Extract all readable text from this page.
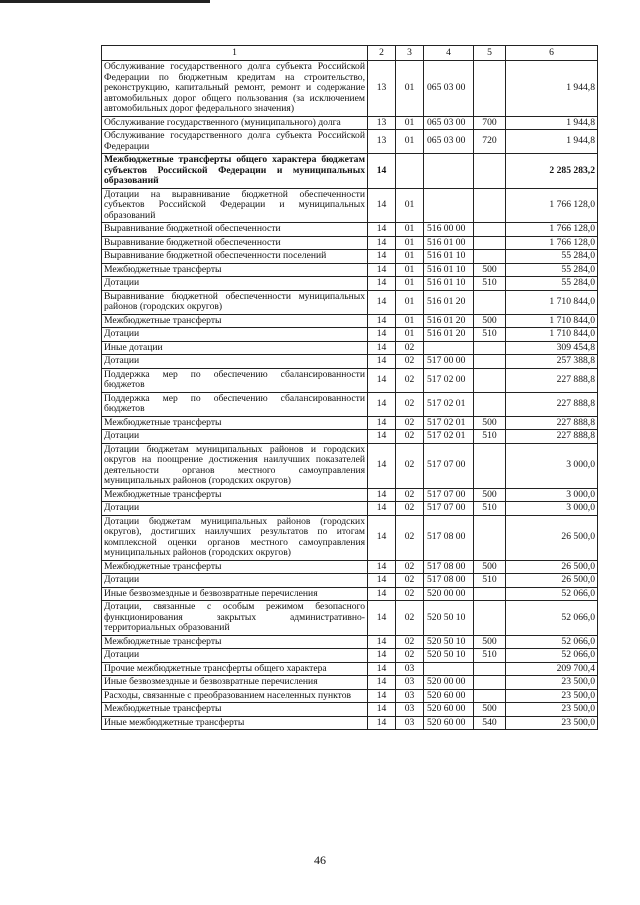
1	2	3	4	5	6
Обслуживание государственного долга субъекта Российской Федерации по бюджетным кредитам на строительство, реконструкцию, капитальный ремонт, ремонт и содержание автомобильных дорог общего пользования (за исключением автомобильных дорог федерального значения)	13	01	065 03 00		1 944,8
Обслуживание государственного (муниципального) долга	13	01	065 03 00	700	1 944,8
Обслуживание государственного долга субъекта Российской Федерации	13	01	065 03 00	720	1 944,8
Межбюджетные трансферты общего характера бюджетам субъектов Российской Федерации и муниципальных образований	14				2 285 283,2
Дотации на выравнивание бюджетной обеспеченности субъектов Российской Федерации и муниципальных образований	14	01			1 766 128,0
Выравнивание бюджетной обеспеченности	14	01	516 00 00		1 766 128,0
Выравнивание бюджетной обеспеченности	14	01	516 01 00		1 766 128,0
Выравнивание бюджетной обеспеченности поселений	14	01	516 01 10		55 284,0
Межбюджетные трансферты	14	01	516 01 10	500	55 284,0
Дотации	14	01	516 01 10	510	55 284,0
Выравнивание бюджетной обеспеченности муниципальных районов (городских округов)	14	01	516 01 20		1 710 844,0
Межбюджетные трансферты	14	01	516 01 20	500	1 710 844,0
Дотации	14	01	516 01 20	510	1 710 844,0
Иные дотации	14	02			309 454,8
Дотации	14	02	517 00 00		257 388,8
Поддержка мер по обеспечению сбалансированности бюджетов	14	02	517 02 00		227 888,8
Поддержка мер по обеспечению сбалансированности бюджетов	14	02	517 02 01		227 888,8
Межбюджетные трансферты	14	02	517 02 01	500	227 888,8
Дотации	14	02	517 02 01	510	227 888,8
Дотации бюджетам муниципальных районов и городских округов на поощрение достижения наилучших показателей деятельности органов местного самоуправления муниципальных районов (городских округов)	14	02	517 07 00		3 000,0
Межбюджетные трансферты	14	02	517 07 00	500	3 000,0
Дотации	14	02	517 07 00	510	3 000,0
Дотации бюджетам муниципальных районов (городских округов), достигших наилучших результатов по итогам комплексной оценки органов местного самоуправления муниципальных районов (городских округов)	14	02	517 08 00		26 500,0
Межбюджетные трансферты	14	02	517 08 00	500	26 500,0
Дотации	14	02	517 08 00	510	26 500,0
Иные безвозмездные и безвозвратные перечисления	14	02	520 00 00		52 066,0
Дотации, связанные с особым режимом безопасного функционирования закрытых административно-территориальных образований	14	02	520 50 10		52 066,0
Межбюджетные трансферты	14	02	520 50 10	500	52 066,0
Дотации	14	02	520 50 10	510	52 066,0
Прочие межбюджетные трансферты общего характера	14	03			209 700,4
Иные безвозмездные и безвозвратные перечисления	14	03	520 00 00		23 500,0
Расходы, связанные с преобразованием населенных пунктов	14	03	520 60 00		23 500,0
Межбюджетные трансферты	14	03	520 60 00	500	23 500,0
Иные межбюджетные трансферты	14	03	520 60 00	540	23 500,0
46
